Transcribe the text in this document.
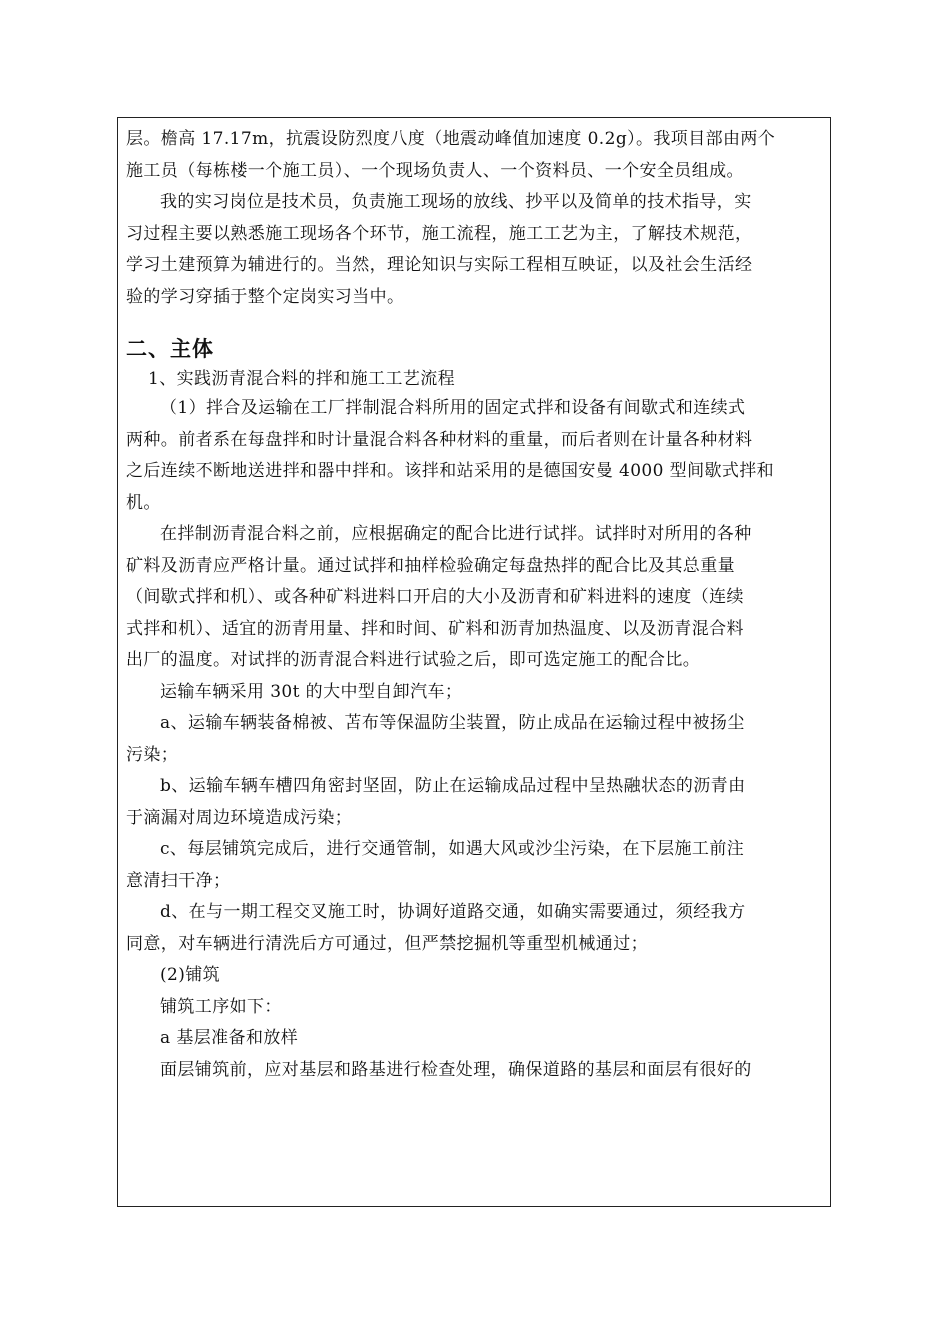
层。檐高 17.17m，抗震设防烈度八度（地震动峰值加速度 0.2g）。我项目部由两个
施工员（每栋楼一个施工员）、一个现场负责人、一个资料员、一个安全员组成。
我的实习岗位是技术员，负责施工现场的放线、抄平以及简单的技术指导，实
习过程主要以熟悉施工现场各个环节，施工流程，施工工艺为主，了解技术规范，
学习土建预算为辅进行的。当然，理论知识与实际工程相互映证，以及社会生活经
验的学习穿插于整个定岗实习当中。
二、主体
1、实践沥青混合料的拌和施工工艺流程
（1）拌合及运输在工厂拌制混合料所用的固定式拌和设备有间歇式和连续式
两种。前者系在每盘拌和时计量混合料各种材料的重量，而后者则在计量各种材料
之后连续不断地送进拌和器中拌和。该拌和站采用的是德国安曼 4000 型间歇式拌和
机。
在拌制沥青混合料之前，应根据确定的配合比进行试拌。试拌时对所用的各种
矿料及沥青应严格计量。通过试拌和抽样检验确定每盘热拌的配合比及其总重量
（间歇式拌和机）、或各种矿料进料口开启的大小及沥青和矿料进料的速度（连续
式拌和机）、适宜的沥青用量、拌和时间、矿料和沥青加热温度、以及沥青混合料
出厂的温度。对试拌的沥青混合料进行试验之后，即可选定施工的配合比。
运输车辆采用 30t 的大中型自卸汽车；
a、运输车辆装备棉被、苫布等保温防尘装置，防止成品在运输过程中被扬尘
污染；
b、运输车辆车槽四角密封坚固，防止在运输成品过程中呈热融状态的沥青由
于滴漏对周边环境造成污染；
c、每层铺筑完成后，进行交通管制，如遇大风或沙尘污染，在下层施工前注
意清扫干净；
d、在与一期工程交叉施工时，协调好道路交通，如确实需要通过，须经我方
同意，对车辆进行清洗后方可通过，但严禁挖掘机等重型机械通过；
(2)铺筑
铺筑工序如下：
a 基层准备和放样
面层铺筑前，应对基层和路基进行检查处理，确保道路的基层和面层有很好的
